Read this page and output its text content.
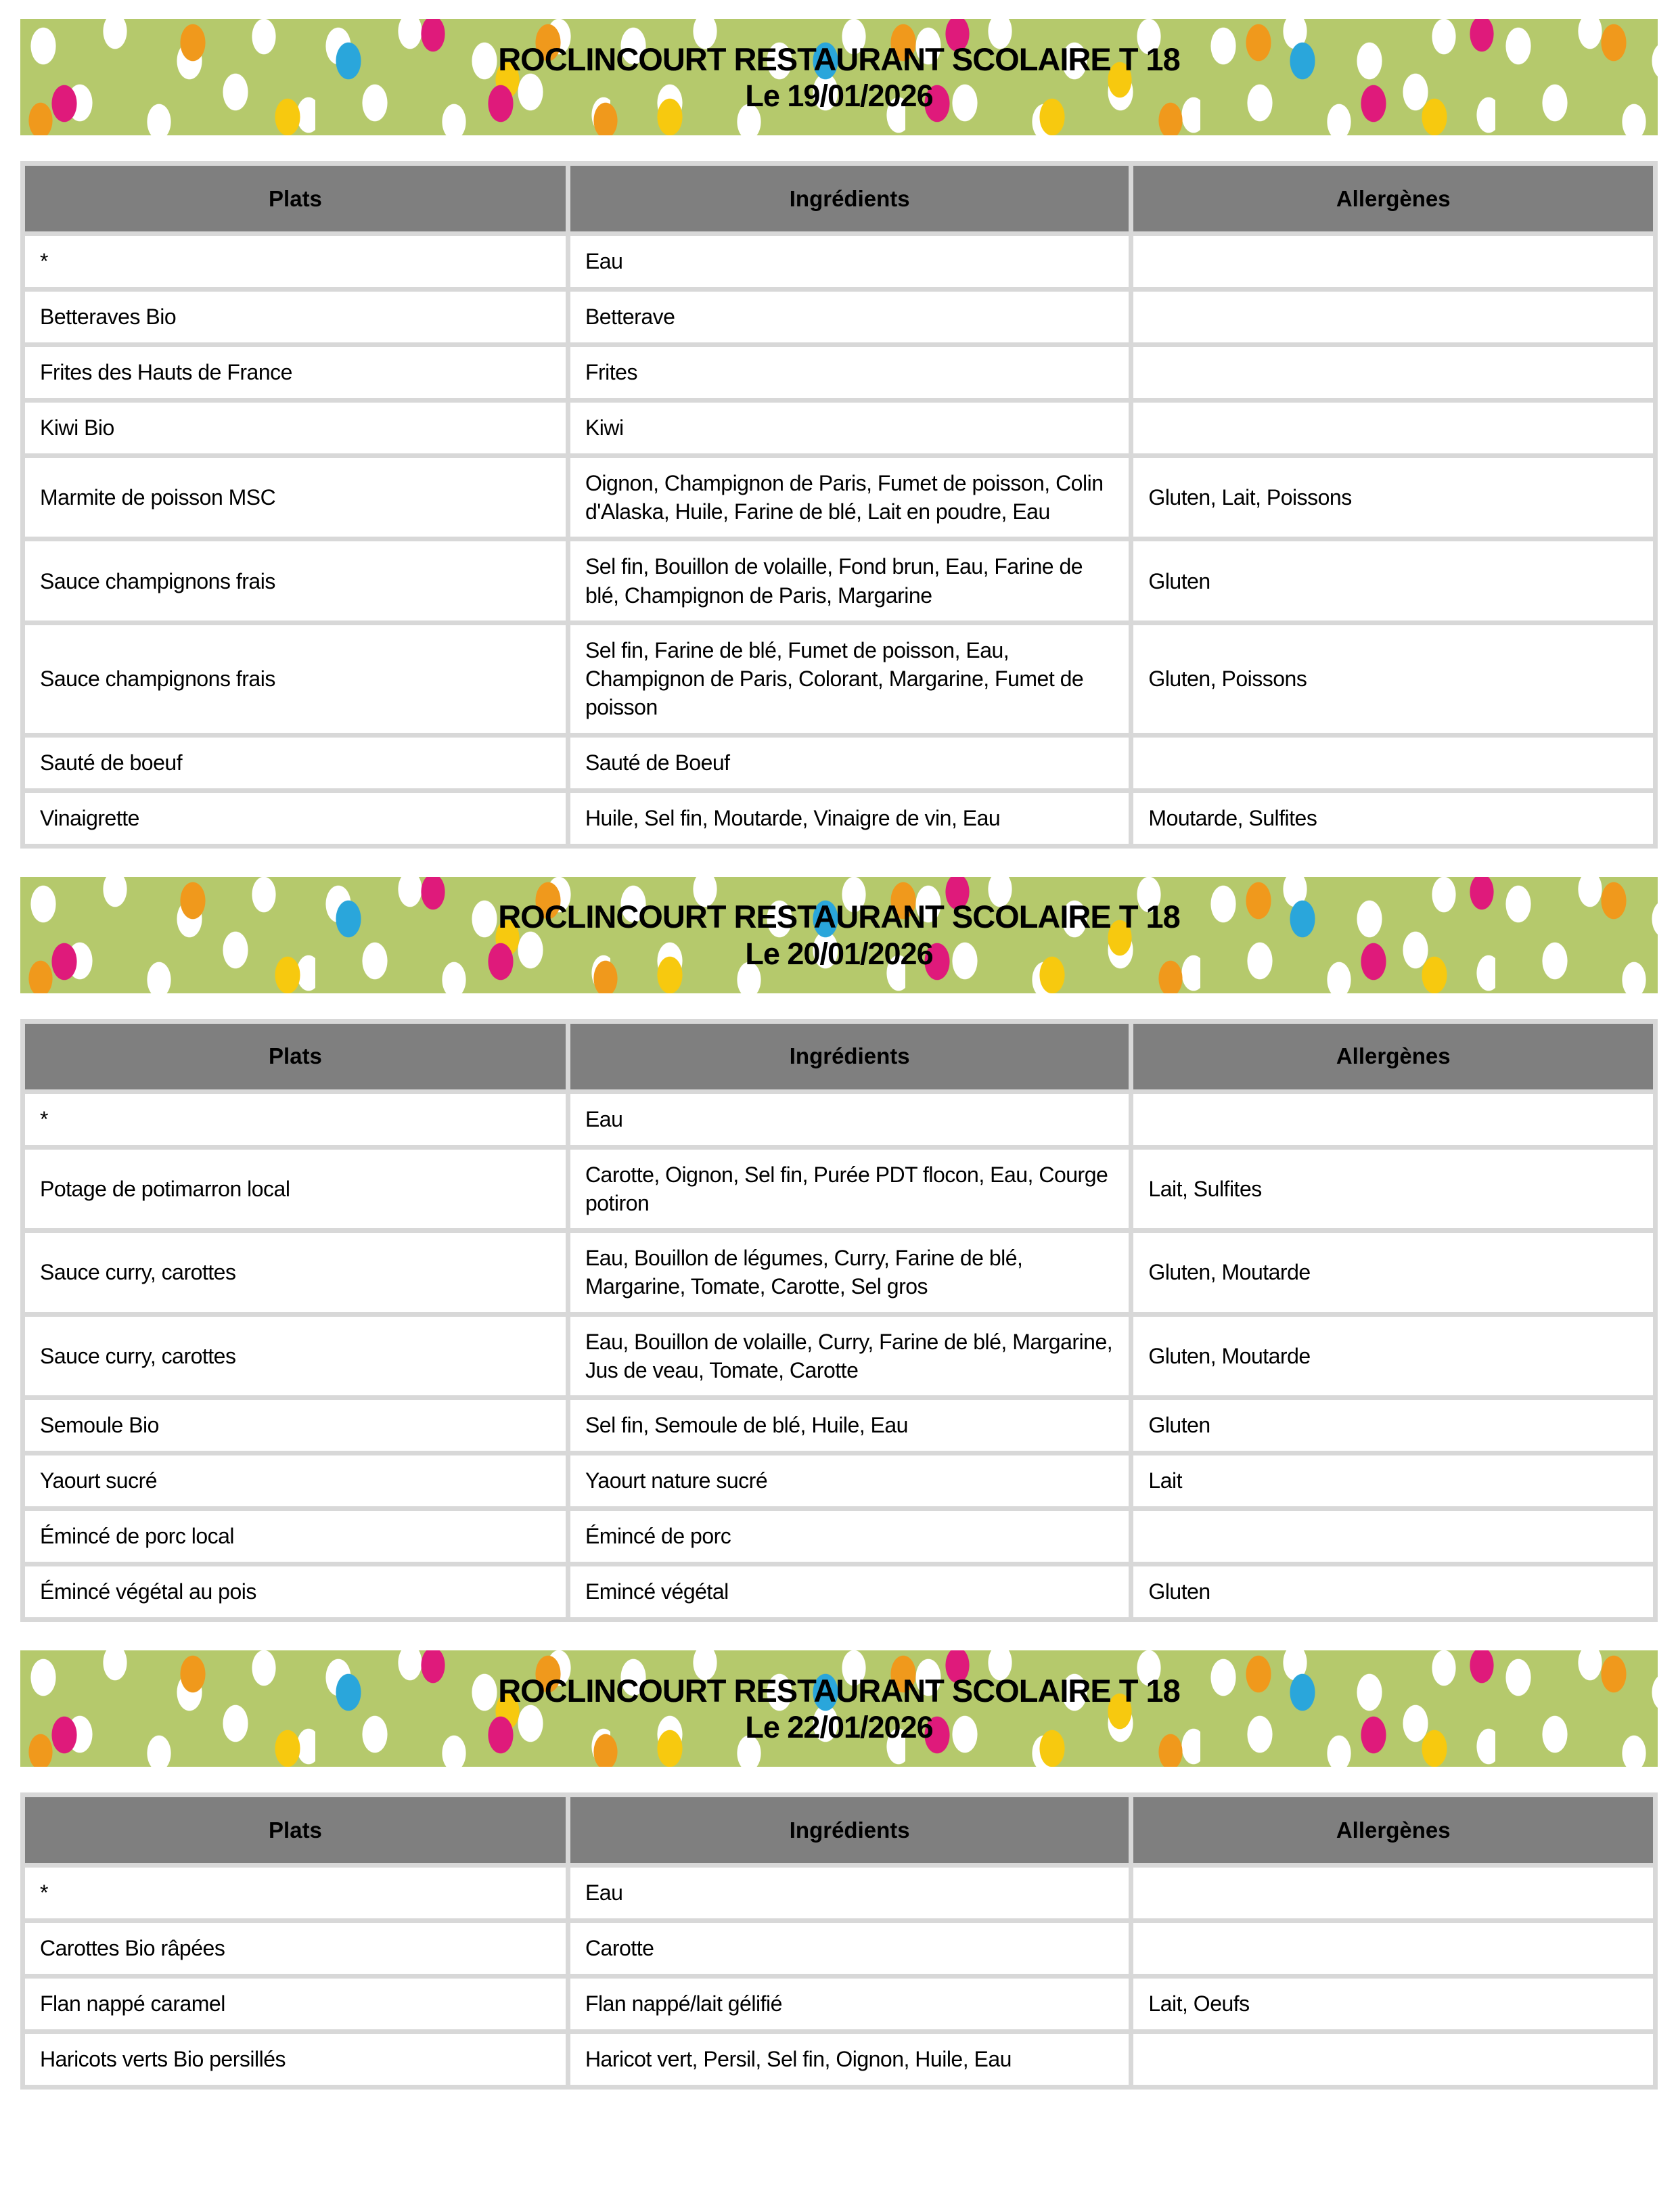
ROCLINCOURT RESTAURANT SCOLAIRE T 18
Le 19/01/2026
Plats	Ingrédients	Allergènes
*	Eau	
Betteraves Bio	Betterave	
Frites des Hauts de France	Frites	
Kiwi Bio	Kiwi	
Marmite de poisson MSC	Oignon, Champignon de Paris, Fumet de poisson, Colin d'Alaska, Huile, Farine de blé, Lait en poudre, Eau	Gluten, Lait, Poissons
Sauce champignons frais	Sel fin, Bouillon de volaille, Fond brun, Eau, Farine de blé, Champignon de Paris, Margarine	Gluten
Sauce champignons frais	Sel fin, Farine de blé, Fumet de poisson, Eau, Champignon de Paris, Colorant, Margarine, Fumet de poisson	Gluten, Poissons
Sauté de boeuf	Sauté de Boeuf	
Vinaigrette	Huile, Sel fin, Moutarde, Vinaigre de vin, Eau	Moutarde, Sulfites
ROCLINCOURT RESTAURANT SCOLAIRE T 18
Le 20/01/2026
Plats	Ingrédients	Allergènes
*	Eau	
Potage de potimarron local	Carotte, Oignon, Sel fin, Purée PDT flocon, Eau, Courge potiron	Lait, Sulfites
Sauce curry, carottes	Eau, Bouillon de légumes, Curry, Farine de blé, Margarine, Tomate, Carotte, Sel gros	Gluten, Moutarde
Sauce curry, carottes	Eau, Bouillon de volaille, Curry, Farine de blé, Margarine, Jus de veau, Tomate, Carotte	Gluten, Moutarde
Semoule Bio	Sel fin, Semoule de blé, Huile, Eau	Gluten
Yaourt sucré	Yaourt nature sucré	Lait
Émincé de porc local	Émincé de porc	
Émincé végétal au pois	Emincé végétal	Gluten
ROCLINCOURT RESTAURANT SCOLAIRE T 18
Le 22/01/2026
Plats	Ingrédients	Allergènes
*	Eau	
Carottes Bio râpées	Carotte	
Flan nappé caramel	Flan nappé/lait gélifié	Lait, Oeufs
Haricots verts Bio persillés	Haricot vert, Persil, Sel fin, Oignon, Huile, Eau	
